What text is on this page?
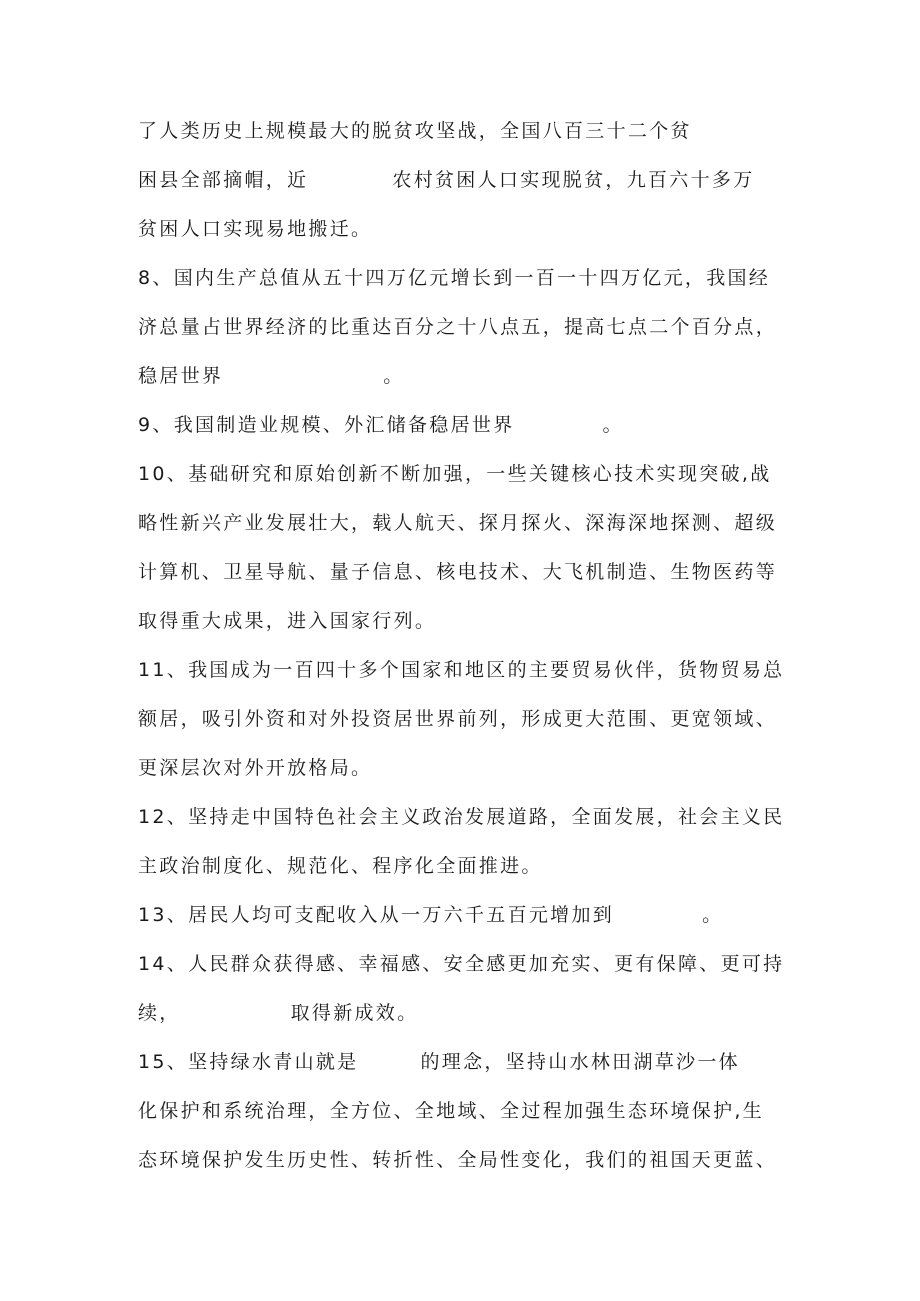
了人类历史上规模最大的脱贫攻坚战，全国八百三十二个贫

困县全部摘帽，近	农村贫困人口实现脱贫，九百六十多万

贫困人口实现易地搬迁。

8、国内生产总值从五十四万亿元增长到一百一十四万亿元，我国经

济总量占世界经济的比重达百分之十八点五，提高七点二个百分点，

稳居世界	。

9、我国制造业规模、外汇储备稳居世界	。

10、基础研究和原始创新不断加强，一些关键核心技术实现突破,战

略性新兴产业发展壮大，载人航天、探月探火、深海深地探测、超级

计算机、卫星导航、量子信息、核电技术、大飞机制造、生物医药等

取得重大成果，进入国家行列。

11、我国成为一百四十多个国家和地区的主要贸易伙伴，货物贸易总

额居，吸引外资和对外投资居世界前列，形成更大范围、更宽领域、

更深层次对外开放格局。

12、坚持走中国特色社会主义政治发展道路，全面发展，社会主义民

主政治制度化、规范化、程序化全面推进。

13、居民人均可支配收入从一万六千五百元增加到	。

14、人民群众获得感、幸福感、安全感更加充实、更有保障、更可持

续，	取得新成效。

15、坚持绿水青山就是	的理念，坚持山水林田湖草沙一体

化保护和系统治理，全方位、全地域、全过程加强生态环境保护,生

态环境保护发生历史性、转折性、全局性变化，我们的祖国天更蓝、
